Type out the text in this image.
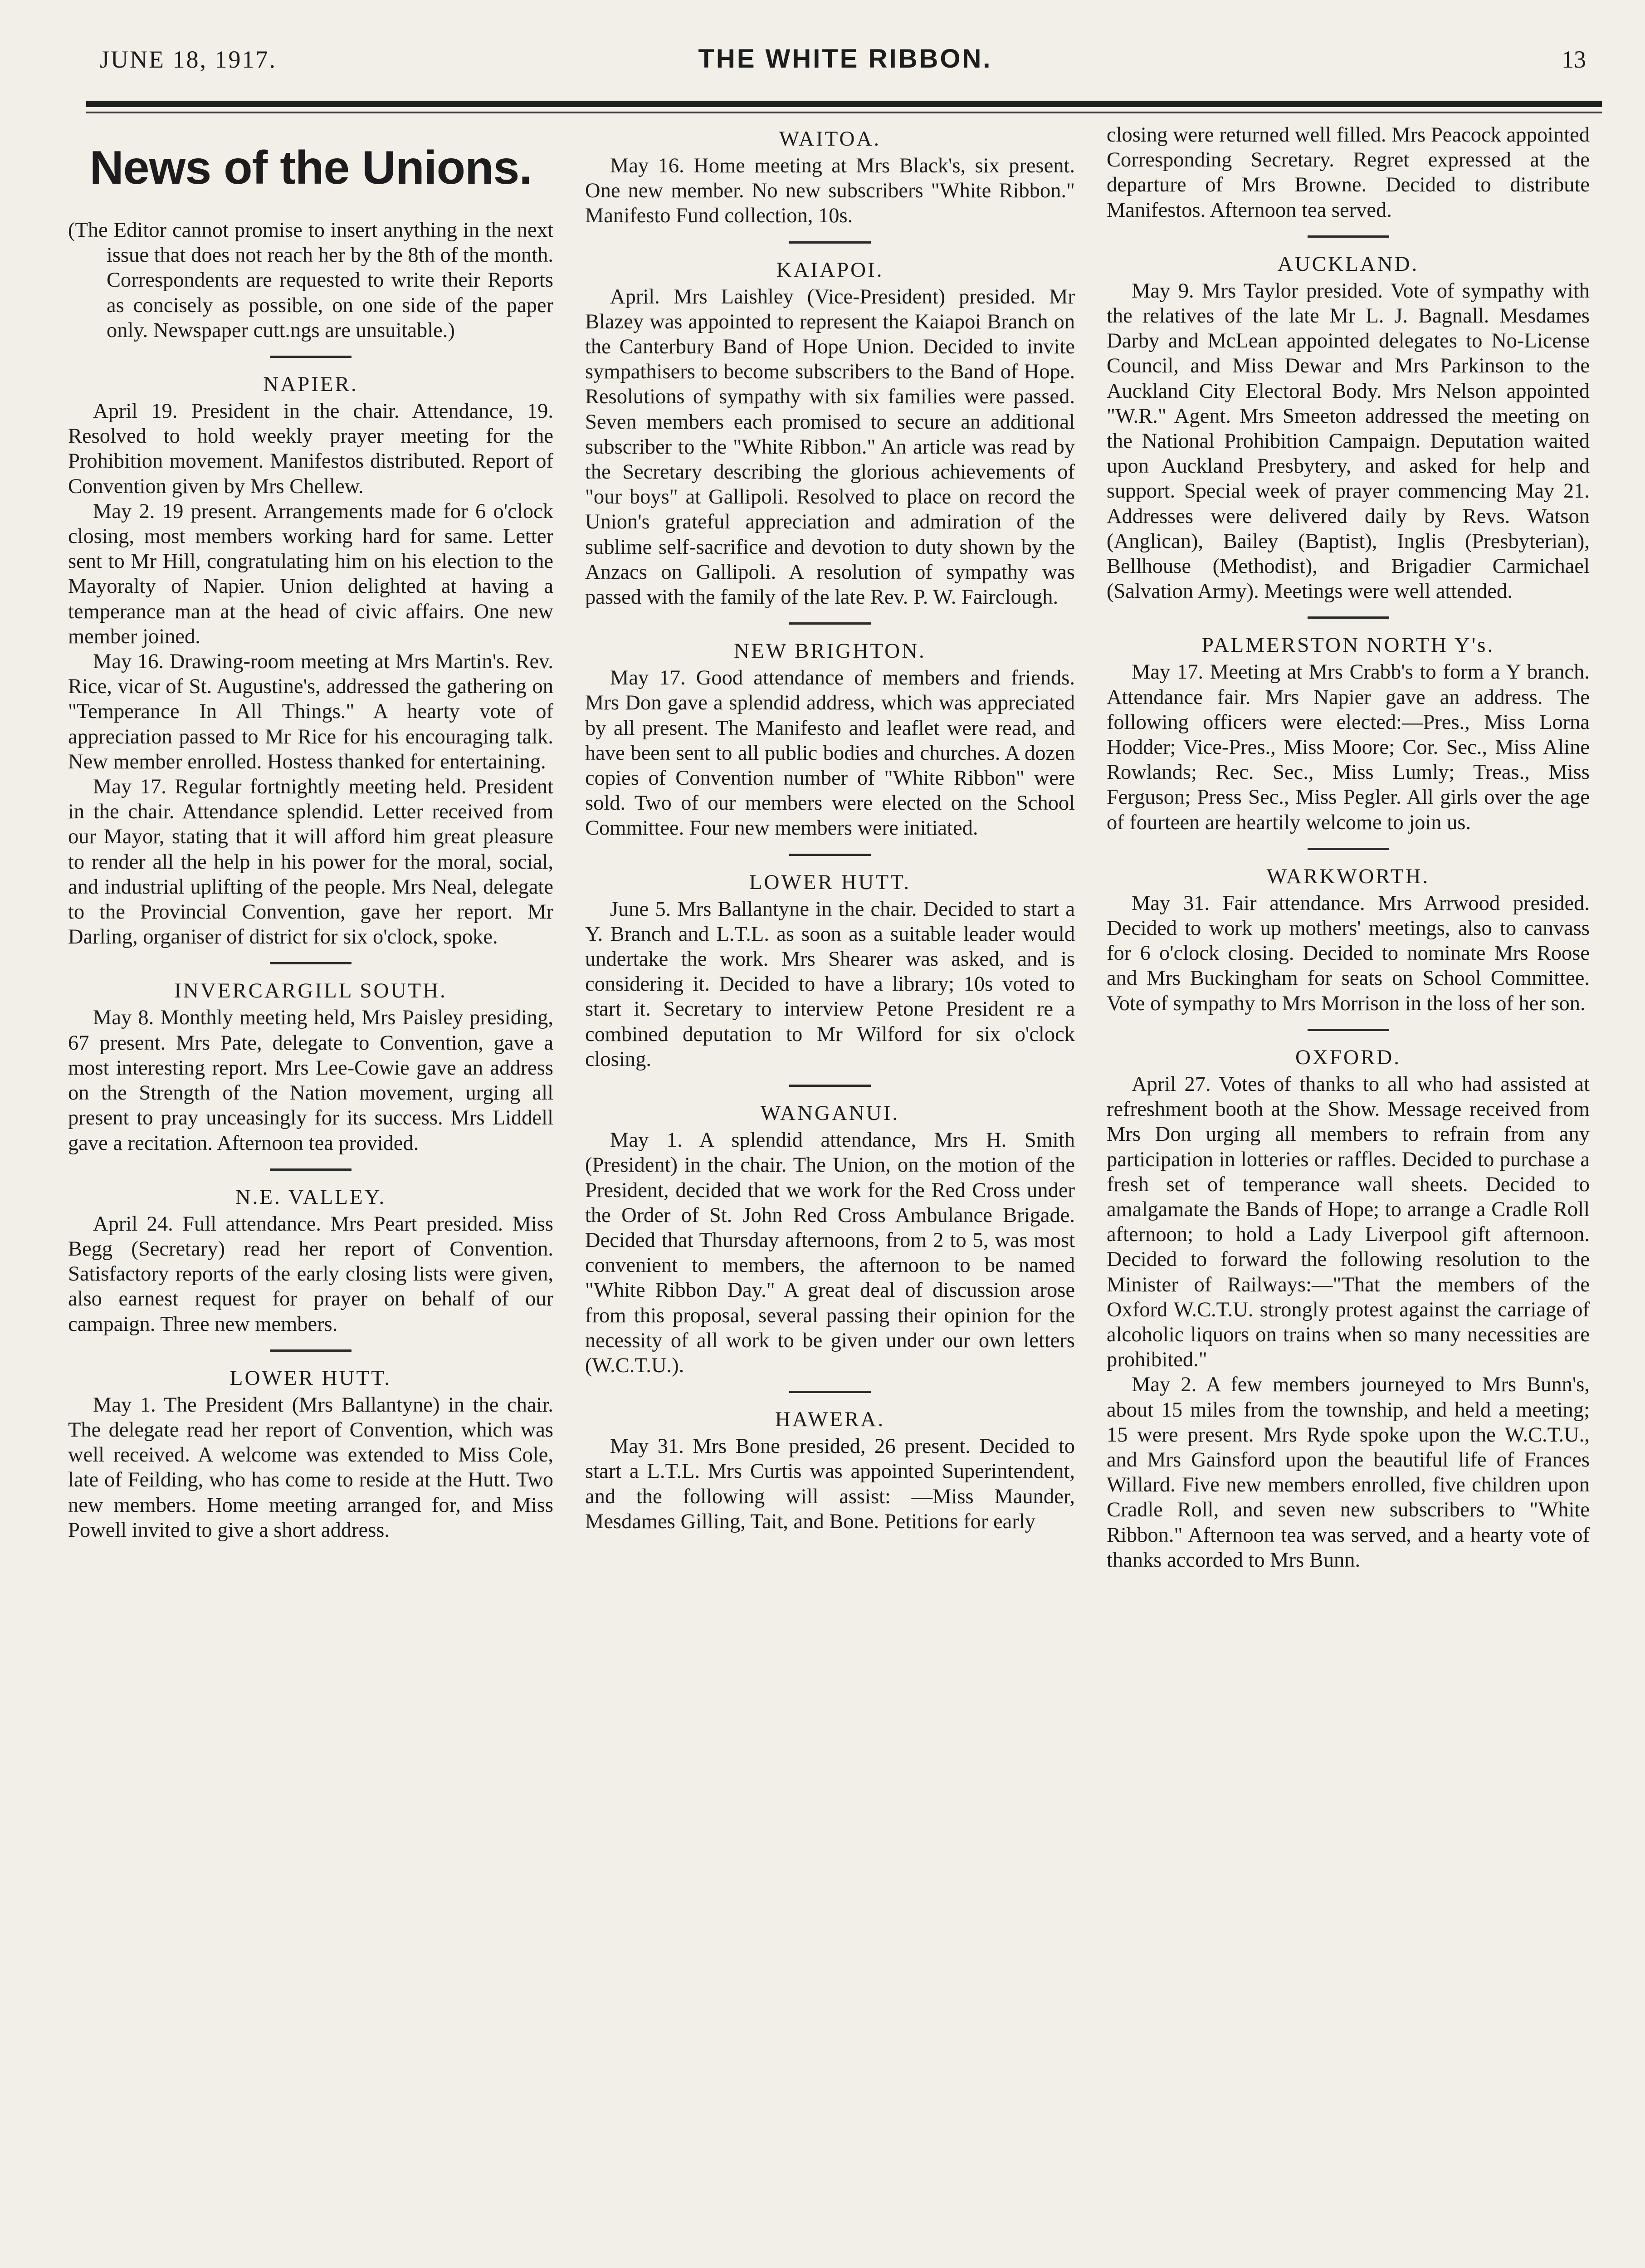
JUNE 18, 1917.	THE WHITE RIBBON.	13
News of the Unions.

(The Editor cannot promise to insert anything in the next issue that does not reach her by the 8th of the month. Correspondents are requested to write their Reports as concisely as possible, on one side of the paper only. Newspaper cutt.ngs are unsuitable.)

NAPIER.

April 19. President in the chair. Attendance, 19. Resolved to hold weekly prayer meeting for the Prohibition movement. Manifestos distributed. Report of Convention given by Mrs Chellew.

May 2. 19 present. Arrangements made for 6 o'clock closing, most members working hard for same. Letter sent to Mr Hill, congratulating him on his election to the Mayoralty of Napier. Union delighted at having a temperance man at the head of civic affairs. One new member joined.

May 16. Drawing-room meeting at Mrs Martin's. Rev. Rice, vicar of St. Augustine's, addressed the gathering on "Temperance In All Things." A hearty vote of appreciation passed to Mr Rice for his encouraging talk. New member enrolled. Hostess thanked for entertaining.

May 17. Regular fortnightly meeting held. President in the chair. Attendance splendid. Letter received from our Mayor, stating that it will afford him great pleasure to render all the help in his power for the moral, social, and industrial uplifting of the people. Mrs Neal, delegate to the Provincial Convention, gave her report. Mr Darling, organiser of district for six o'clock, spoke.

INVERCARGILL SOUTH.

May 8. Monthly meeting held, Mrs Paisley presiding, 67 present. Mrs Pate, delegate to Convention, gave a most interesting report. Mrs Lee-Cowie gave an address on the Strength of the Nation movement, urging all present to pray unceasingly for its success. Mrs Liddell gave a recitation. Afternoon tea provided.

N.E. VALLEY.

April 24. Full attendance. Mrs Peart presided. Miss Begg (Secretary) read her report of Convention. Satisfactory reports of the early closing lists were given, also earnest request for prayer on behalf of our campaign. Three new members.

LOWER HUTT.

May 1. The President (Mrs Ballantyne) in the chair. The delegate read her report of Convention, which was well received. A welcome was extended to Miss Cole, late of Feilding, who has come to reside at the Hutt. Two new members. Home meeting arranged for, and Miss Powell invited to give a short address.

WAITOA.

May 16. Home meeting at Mrs Black's, six present. One new member. No new subscribers "White Ribbon." Manifesto Fund collection, 10s.

KAIAPOI.

April. Mrs Laishley (Vice-President) presided. Mr Blazey was appointed to represent the Kaiapoi Branch on the Canterbury Band of Hope Union. Decided to invite sympathisers to become subscribers to the Band of Hope. Resolutions of sympathy with six families were passed. Seven members each promised to secure an additional subscriber to the "White Ribbon." An article was read by the Secretary describing the glorious achievements of "our boys" at Gallipoli. Resolved to place on record the Union's grateful appreciation and admiration of the sublime self-sacrifice and devotion to duty shown by the Anzacs on Gallipoli. A resolution of sympathy was passed with the family of the late Rev. P. W. Fairclough.

NEW BRIGHTON.

May 17. Good attendance of members and friends. Mrs Don gave a splendid address, which was appreciated by all present. The Manifesto and leaflet were read, and have been sent to all public bodies and churches. A dozen copies of Convention number of "White Ribbon" were sold. Two of our members were elected on the School Committee. Four new members were initiated.

LOWER HUTT.

June 5. Mrs Ballantyne in the chair. Decided to start a Y. Branch and L.T.L. as soon as a suitable leader would undertake the work. Mrs Shearer was asked, and is considering it. Decided to have a library; 10s voted to start it. Secretary to interview Petone President re a combined deputation to Mr Wilford for six o'clock closing.

WANGANUI.

May 1. A splendid attendance, Mrs H. Smith (President) in the chair. The Union, on the motion of the President, decided that we work for the Red Cross under the Order of St. John Red Cross Ambulance Brigade. Decided that Thursday afternoons, from 2 to 5, was most convenient to members, the afternoon to be named "White Ribbon Day." A great deal of discussion arose from this proposal, several passing their opinion for the necessity of all work to be given under our own letters (W.C.T.U.).

HAWERA.

May 31. Mrs Bone presided, 26 present. Decided to start a L.T.L. Mrs Curtis was appointed Superintendent, and the following will assist: —Miss Maunder, Mesdames Gilling, Tait, and Bone. Petitions for early

closing were returned well filled. Mrs Peacock appointed Corresponding Secretary. Regret expressed at the departure of Mrs Browne. Decided to distribute Manifestos. Afternoon tea served.

AUCKLAND.

May 9. Mrs Taylor presided. Vote of sympathy with the relatives of the late Mr L. J. Bagnall. Mesdames Darby and McLean appointed delegates to No-License Council, and Miss Dewar and Mrs Parkinson to the Auckland City Electoral Body. Mrs Nelson appointed "W.R." Agent. Mrs Smeeton addressed the meeting on the National Prohibition Campaign. Deputation waited upon Auckland Presbytery, and asked for help and support. Special week of prayer commencing May 21. Addresses were delivered daily by Revs. Watson (Anglican), Bailey (Baptist), Inglis (Presbyterian), Bellhouse (Methodist), and Brigadier Carmichael (Salvation Army). Meetings were well attended.

PALMERSTON NORTH Y's.

May 17. Meeting at Mrs Crabb's to form a Y branch. Attendance fair. Mrs Napier gave an address. The following officers were elected:—Pres., Miss Lorna Hodder; Vice-Pres., Miss Moore; Cor. Sec., Miss Aline Rowlands; Rec. Sec., Miss Lumly; Treas., Miss Ferguson; Press Sec., Miss Pegler. All girls over the age of fourteen are heartily welcome to join us.

WARKWORTH.

May 31. Fair attendance. Mrs Arrwood presided. Decided to work up mothers' meetings, also to canvass for 6 o'clock closing. Decided to nominate Mrs Roose and Mrs Buckingham for seats on School Committee. Vote of sympathy to Mrs Morrison in the loss of her son.

OXFORD.

April 27. Votes of thanks to all who had assisted at refreshment booth at the Show. Message received from Mrs Don urging all members to refrain from any participation in lotteries or raffles. Decided to purchase a fresh set of temperance wall sheets. Decided to amalgamate the Bands of Hope; to arrange a Cradle Roll afternoon; to hold a Lady Liverpool gift afternoon. Decided to forward the following resolution to the Minister of Railways:—"That the members of the Oxford W.C.T.U. strongly protest against the carriage of alcoholic liquors on trains when so many necessities are prohibited."

May 2. A few members journeyed to Mrs Bunn's, about 15 miles from the township, and held a meeting; 15 were present. Mrs Ryde spoke upon the W.C.T.U., and Mrs Gainsford upon the beautiful life of Frances Willard. Five new members enrolled, five children upon Cradle Roll, and seven new subscribers to "White Ribbon." Afternoon tea was served, and a hearty vote of thanks accorded to Mrs Bunn.
